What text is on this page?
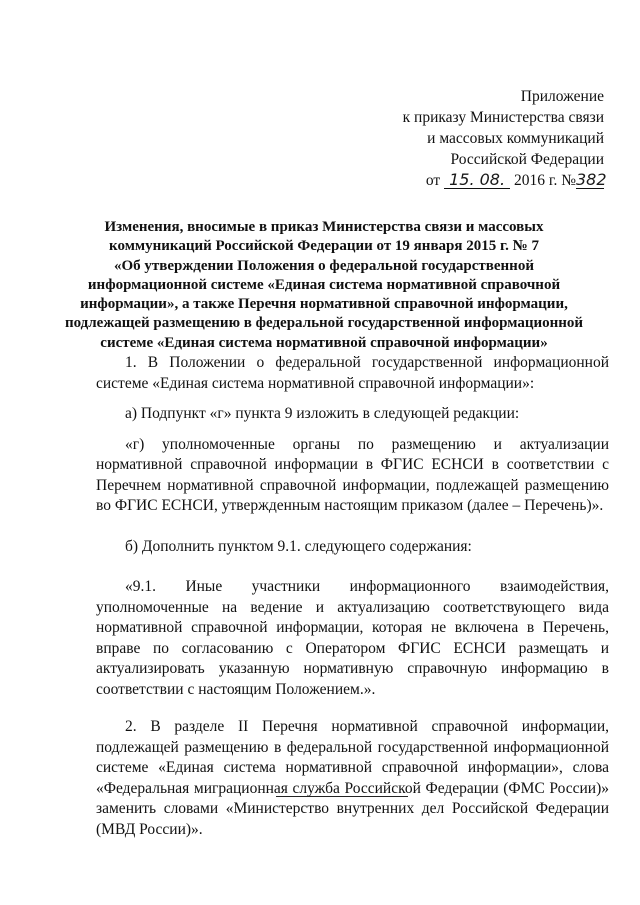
Приложение
к приказу Министерства связи
и массовых коммуникаций
Российской Федерации
от 15. 08. 2016 г. №382
Изменения, вносимые в приказ Министерства связи и массовых
коммуникаций Российской Федерации от 19 января 2015 г. № 7
«Об утверждении Положения о федеральной государственной
информационной системе «Единая система нормативной справочной
информации», а также Перечня нормативной справочной информации,
подлежащей размещению в федеральной государственной информационной
системе «Единая система нормативной справочной информации»

1. В Положении о федеральной государственной информационной системе «Единая система нормативной справочной информации»:

а) Подпункт «г» пункта 9 изложить в следующей редакции:

«г) уполномоченные органы по размещению и актуализации нормативной справочной информации в ФГИС ЕСНСИ в соответствии с Перечнем нормативной справочной информации, подлежащей размещению во ФГИС ЕСНСИ, утвержденным настоящим приказом (далее – Перечень)».

б) Дополнить пунктом 9.1. следующего содержания:

«9.1. Иные участники информационного взаимодействия, уполномоченные на ведение и актуализацию соответствующего вида нормативной справочной информации, которая не включена в Перечень, вправе по согласованию с Оператором ФГИС ЕСНСИ размещать и актуализировать указанную нормативную справочную информацию в соответствии с настоящим Положением.».

2. В разделе II Перечня нормативной справочной информации, подлежащей размещению в федеральной государственной информационной системе «Единая система нормативной справочной информации», слова «Федеральная миграционная служба Российской Федерации (ФМС России)» заменить словами «Министерство внутренних дел Российской Федерации (МВД России)».
